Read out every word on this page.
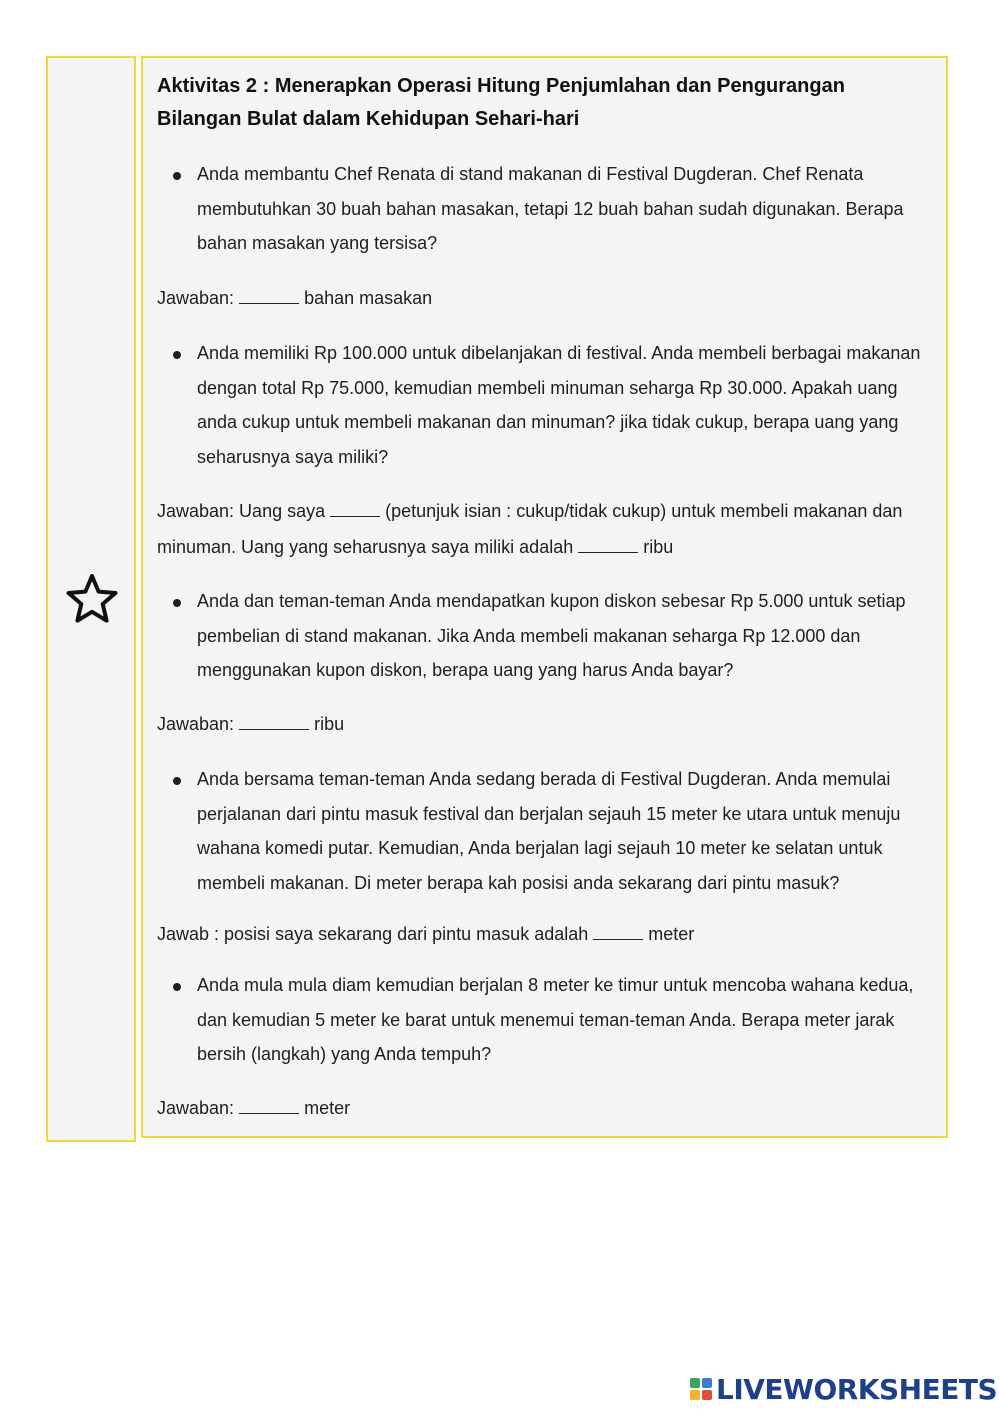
Aktivitas 2 : Menerapkan Operasi Hitung Penjumlahan dan Pengurangan Bilangan Bulat dalam Kehidupan Sehari-hari

Anda membantu Chef Renata di stand makanan di Festival Dugderan. Chef Renata membutuhkan 30 buah bahan masakan, tetapi 12 buah bahan sudah digunakan. Berapa bahan masakan yang tersisa?

Jawaban:	bahan masakan

Anda memiliki Rp 100.000 untuk dibelanjakan di festival. Anda membeli berbagai makanan dengan total Rp 75.000, kemudian membeli minuman seharga Rp 30.000. Apakah uang anda cukup untuk membeli makanan dan minuman? jika tidak cukup, berapa uang yang seharusnya saya miliki?

Jawaban: Uang saya	(petunjuk isian : cukup/tidak cukup) untuk membeli makanan dan minuman. Uang yang seharusnya saya miliki adalah	ribu

Anda dan teman-teman Anda mendapatkan kupon diskon sebesar Rp 5.000 untuk setiap pembelian di stand makanan. Jika Anda membeli makanan seharga Rp 12.000 dan menggunakan kupon diskon, berapa uang yang harus Anda bayar?

Jawaban:	ribu

Anda bersama teman-teman Anda sedang berada di Festival Dugderan. Anda memulai perjalanan dari pintu masuk festival dan berjalan sejauh 15 meter ke utara untuk menuju wahana komedi putar. Kemudian, Anda berjalan lagi sejauh 10 meter ke selatan untuk membeli makanan. Di meter berapa kah posisi anda sekarang dari pintu masuk?

Jawab : posisi saya sekarang dari pintu masuk adalah	meter

Anda mula mula diam kemudian berjalan 8 meter ke timur untuk mencoba wahana kedua, dan kemudian 5 meter ke barat untuk menemui teman-teman Anda. Berapa meter jarak bersih (langkah) yang Anda tempuh?

Jawaban:	meter

LIVEWORKSHEETS
